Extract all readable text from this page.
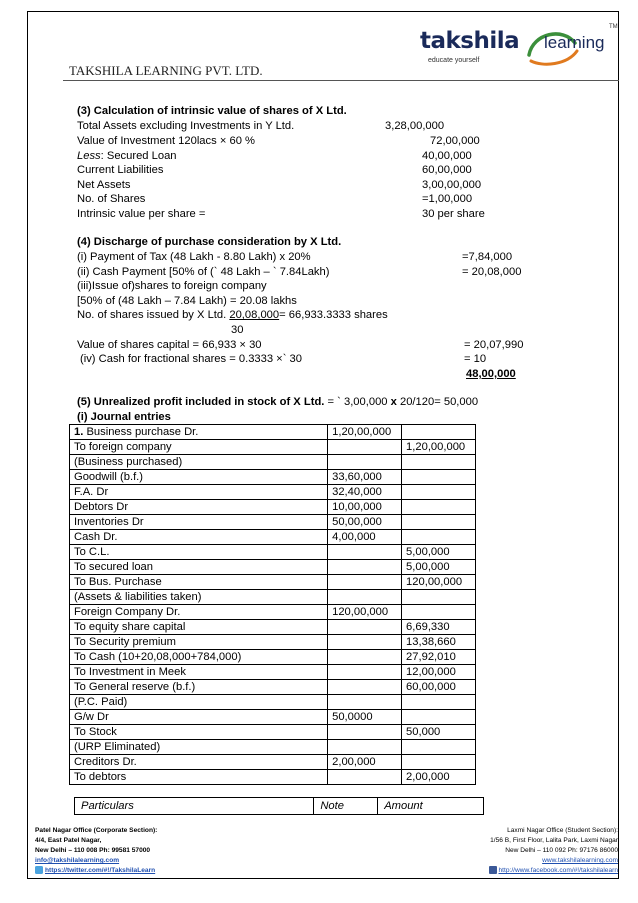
takshila
educate yourself
learning
TM
TAKSHILA LEARNING PVT. LTD.
(3) Calculation of intrinsic value of shares of X Ltd.
Total Assets excluding Investments in Y Ltd.	3,28,00,000
Value of Investment 120lacs × 60 %	72,00,000
Less: Secured Loan	40,00,000
Current Liabilities	60,00,000
Net Assets	3,00,00,000
No. of Shares	=1,00,000
Intrinsic value per share =	30 per share
(4) Discharge of purchase consideration by X Ltd.
(i) Payment of Tax (48 Lakh - 8.80 Lakh) x 20%	=7,84,000
(ii) Cash Payment [50% of (` 48 Lakh – ` 7.84Lakh)	= 20,08,000
(iii)Issue of)shares to foreign company
[50% of (48 Lakh – 7.84 Lakh) = 20.08 lakhs
No. of shares issued by X Ltd. 20,08,000= 66,933.3333 shares
30
Value of shares capital = 66,933 × 30	= 20,07,990
(iv) Cash for fractional shares = 0.3333 ×` 30	= 10
48,00,000
(5) Unrealized profit included in stock of X Ltd. = ` 3,00,000 x 20/120= 50,000
(i) Journal entries
1. Business purchase Dr.	1,20,00,000	
To foreign company		1,20,00,000
(Business purchased)		
Goodwill (b.f.)	33,60,000	
F.A. Dr	32,40,000	
Debtors Dr	10,00,000	
Inventories Dr	50,00,000	
Cash Dr.	4,00,000	
To C.L.		5,00,000
To secured loan		5,00,000
To Bus. Purchase		120,00,000
(Assets & liabilities taken)		
Foreign Company Dr.	120,00,000	
To equity share capital		6,69,330
To Security premium		13,38,660
To Cash (10+20,08,000+784,000)		27,92,010
To Investment in Meek		12,00,000
To General reserve (b.f.)		60,00,000
(P.C. Paid)		
G/w Dr	50,0000	
To Stock		50,000
(URP Eliminated)		
Creditors Dr.	2,00,000	
To debtors		2,00,000
Particulars	Note	Amount
Patel Nagar Office (Corporate Section):
4/4, East Patel Nagar,
New Delhi – 110 008 Ph: 99581 57000
info@takshilalearning.com
https://twitter.com/#!/TakshilaLearn
Laxmi Nagar Office (Student Section):
1/56 B, First Floor, Lalita Park, Laxmi Nagar
New Delhi – 110 092 Ph: 97176 86000
www.takshilalearning.com
http://www.facebook.com/#!/takshilalearn
